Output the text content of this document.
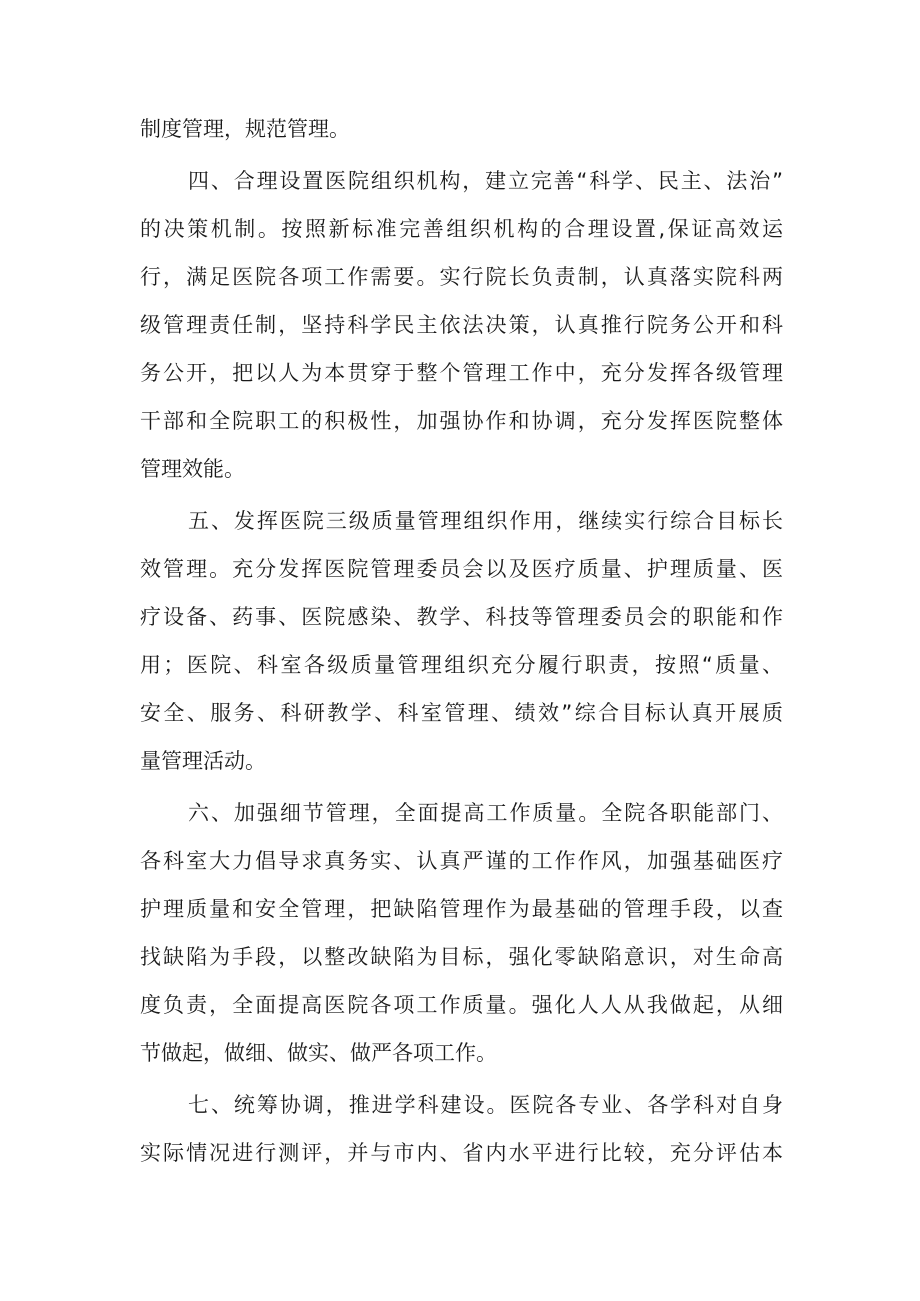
制度管理，规范管理。
四、合理设置医院组织机构，建立完善“科学、民主、法治”
的决策机制。按照新标准完善组织机构的合理设置,保证高效运
行，满足医院各项工作需要。实行院长负责制，认真落实院科两
级管理责任制，坚持科学民主依法决策，认真推行院务公开和科
务公开，把以人为本贯穿于整个管理工作中，充分发挥各级管理
干部和全院职工的积极性，加强协作和协调，充分发挥医院整体
管理效能。
五、发挥医院三级质量管理组织作用，继续实行综合目标长
效管理。充分发挥医院管理委员会以及医疗质量、护理质量、医
疗设备、药事、医院感染、教学、科技等管理委员会的职能和作
用；医院、科室各级质量管理组织充分履行职责，按照“质量、
安全、服务、科研教学、科室管理、绩效”综合目标认真开展质
量管理活动。
六、加强细节管理，全面提高工作质量。全院各职能部门、
各科室大力倡导求真务实、认真严谨的工作作风，加强基础医疗
护理质量和安全管理，把缺陷管理作为最基础的管理手段，以查
找缺陷为手段，以整改缺陷为目标，强化零缺陷意识，对生命高
度负责，全面提高医院各项工作质量。强化人人从我做起，从细
节做起，做细、做实、做严各项工作。
七、统筹协调，推进学科建设。医院各专业、各学科对自身
实际情况进行测评，并与市内、省内水平进行比较，充分评估本
